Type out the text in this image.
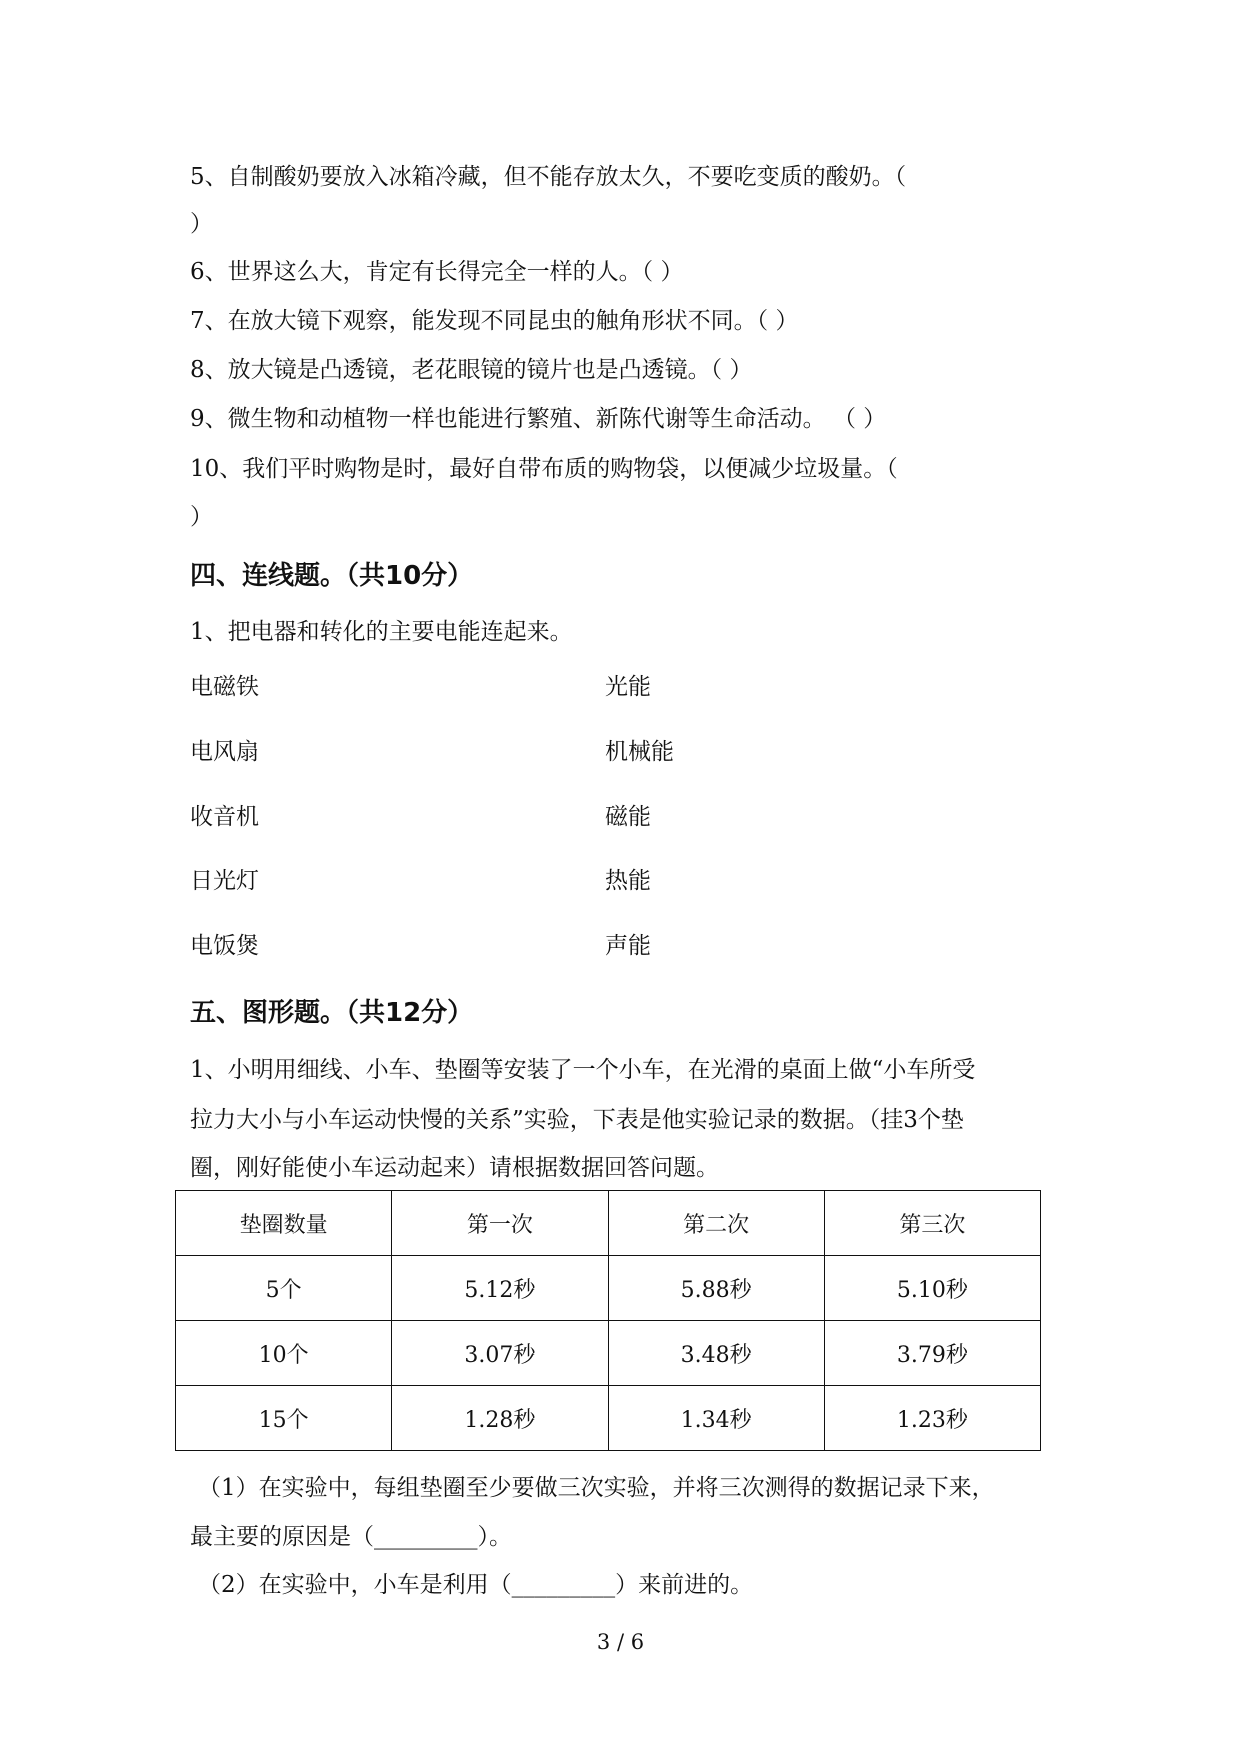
5、自制酸奶要放入冰箱冷藏，但不能存放太久，不要吃变质的酸奶。（
）
6、世界这么大，肯定有长得完全一样的人。（ ）
7、在放大镜下观察，能发现不同昆虫的触角形状不同。（ ）
8、放大镜是凸透镜，老花眼镜的镜片也是凸透镜。（ ）
9、微生物和动植物一样也能进行繁殖、新陈代谢等生命活动。 （ ）
10、我们平时购物是时，最好自带布质的购物袋，以便减少垃圾量。（
）
四、连线题。（共10分）
1、把电器和转化的主要电能连起来。
电磁铁	光能
电风扇	机械能
收音机	磁能
日光灯	热能
电饭煲	声能
五、图形题。（共12分）
1、小明用细线、小车、垫圈等安装了一个小车，在光滑的桌面上做“小车所受
拉力大小与小车运动快慢的关系”实验，下表是他实验记录的数据。（挂3个垫
圈，刚好能使小车运动起来）请根据数据回答问题。
垫圈数量	第一次	第二次	第三次
5个	5.12秒	5.88秒	5.10秒
10个	3.07秒	3.48秒	3.79秒
15个	1.28秒	1.34秒	1.23秒
（1）在实验中，每组垫圈至少要做三次实验，并将三次测得的数据记录下来，
最主要的原因是（_________）。
（2）在实验中，小车是利用（_________）来前进的。
3 / 6
